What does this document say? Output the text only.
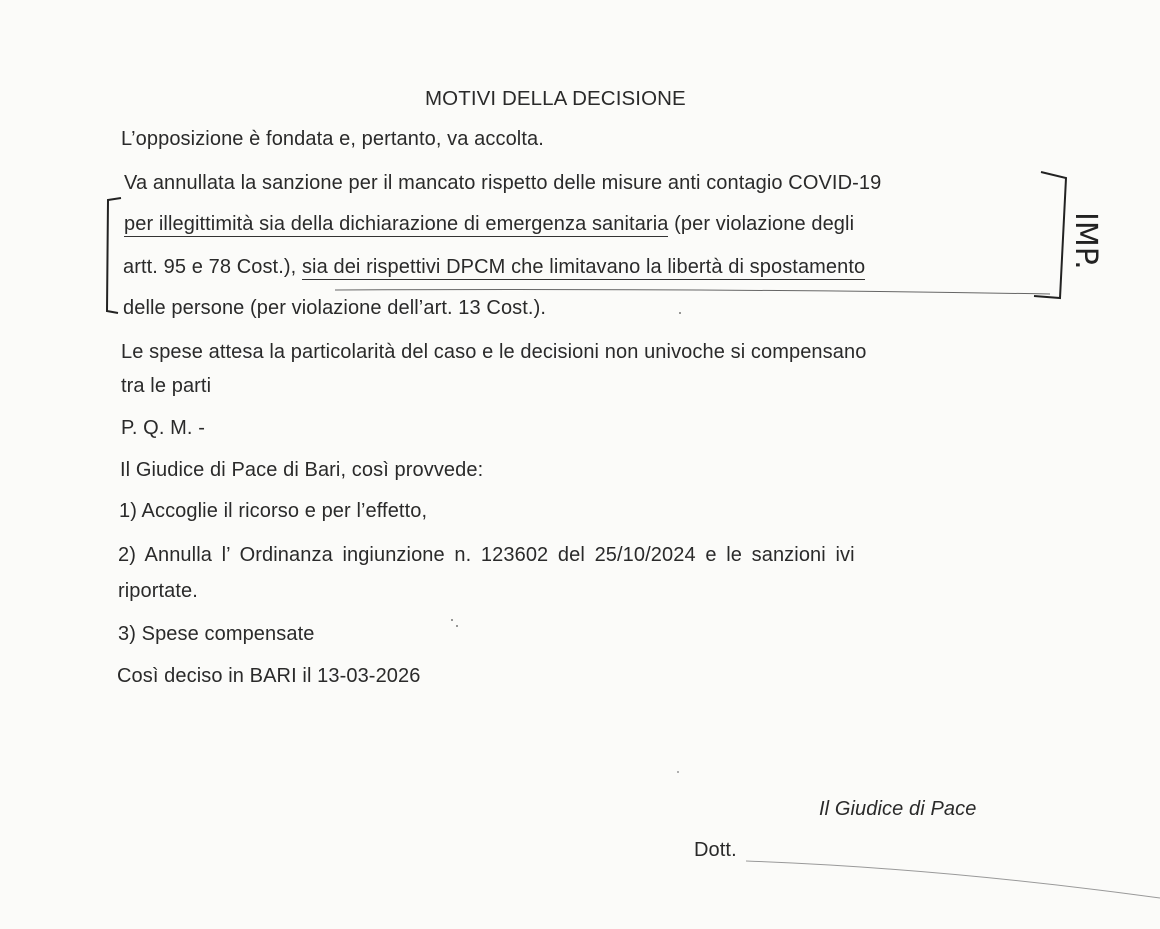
MOTIVI DELLA DECISIONE
L’opposizione è fondata e, pertanto, va accolta.
Va annullata la sanzione per il mancato rispetto delle misure anti contagio COVID-19
per illegittimità sia della dichiarazione di emergenza sanitaria (per violazione degli
artt. 95 e 78 Cost.), sia dei rispettivi DPCM che limitavano la libertà di spostamento
delle persone (per violazione dell’art. 13 Cost.).
Le spese attesa la particolarità del caso e le decisioni non univoche si compensano
tra le parti
P. Q. M. -
Il Giudice di Pace di Bari, così provvede:
1) Accoglie il ricorso e per l’effetto,
2) Annulla l’ Ordinanza ingiunzione n. 123602 del 25/10/2024 e le sanzioni ivi
riportate.
3) Spese compensate
Così deciso in BARI il 13-03-2026
Il Giudice di Pace
Dott.
IMP.
